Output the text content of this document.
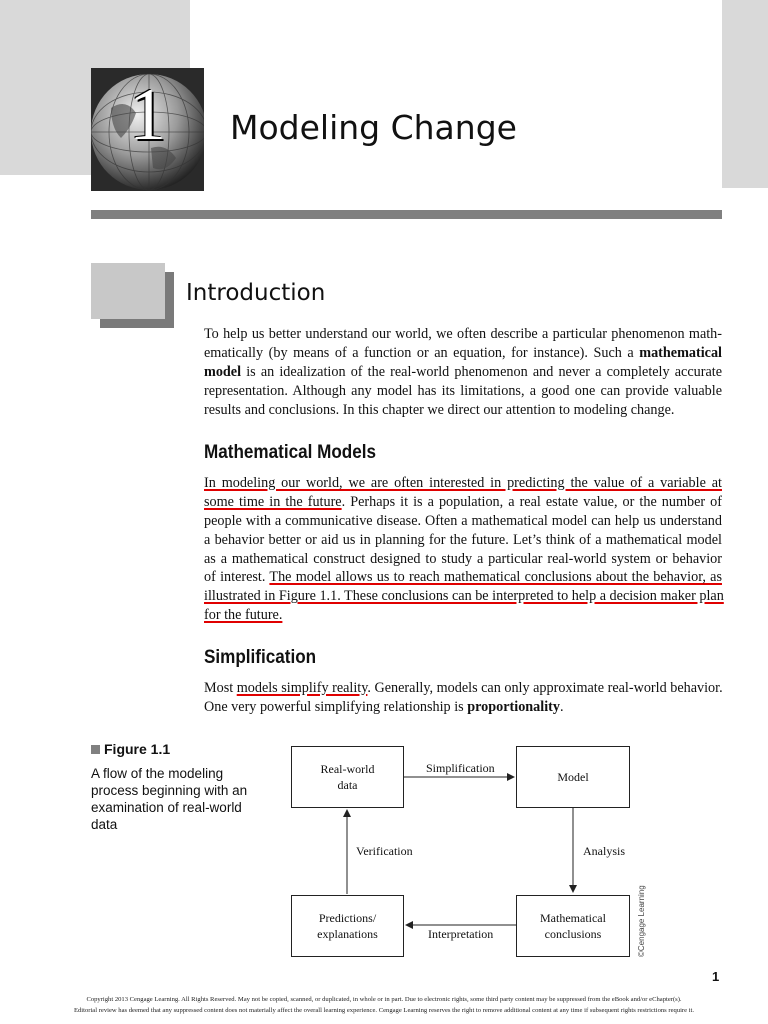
1	Modeling Change
Introduction
To help us better understand our world, we often describe a particular phenomenon math-
ematically (by means of a function or an equation, for instance). Such a mathematical
model is an idealization of the real-world phenomenon and never a completely accurate
representation. Although any model has its limitations, a good one can provide valuable
results and conclusions. In this chapter we direct our attention to modeling change.
Mathematical Models
In modeling our world, we are often interested in predicting the value of a variable at
some time in the future. Perhaps it is a population, a real estate value, or the number of
people with a communicative disease. Often a mathematical model can help us understand
a behavior better or aid us in planning for the future. Let’s think of a mathematical model
as a mathematical construct designed to study a particular real-world system or behavior
of interest. The model allows us to reach mathematical conclusions about the behavior, as
illustrated in Figure 1.1. These conclusions can be interpreted to help a decision maker plan
for the future.
Simplification
Most models simplify reality. Generally, models can only approximate real-world behavior.
One very powerful simplifying relationship is proportionality.
Figure 1.1
A flow of the modeling process beginning with an examination of real-world data
Real-world data
Model
Predictions/ explanations
Mathematical conclusions
Simplification
Analysis
Interpretation
Verification
©Cengage Learning
1
Copyright 2013 Cengage Learning. All Rights Reserved. May not be copied, scanned, or duplicated, in whole or in part. Due to electronic rights, some third party content may be suppressed from the eBook and/or eChapter(s).
Editorial review has deemed that any suppressed content does not materially affect the overall learning experience. Cengage Learning reserves the right to remove additional content at any time if subsequent rights restrictions require it.
